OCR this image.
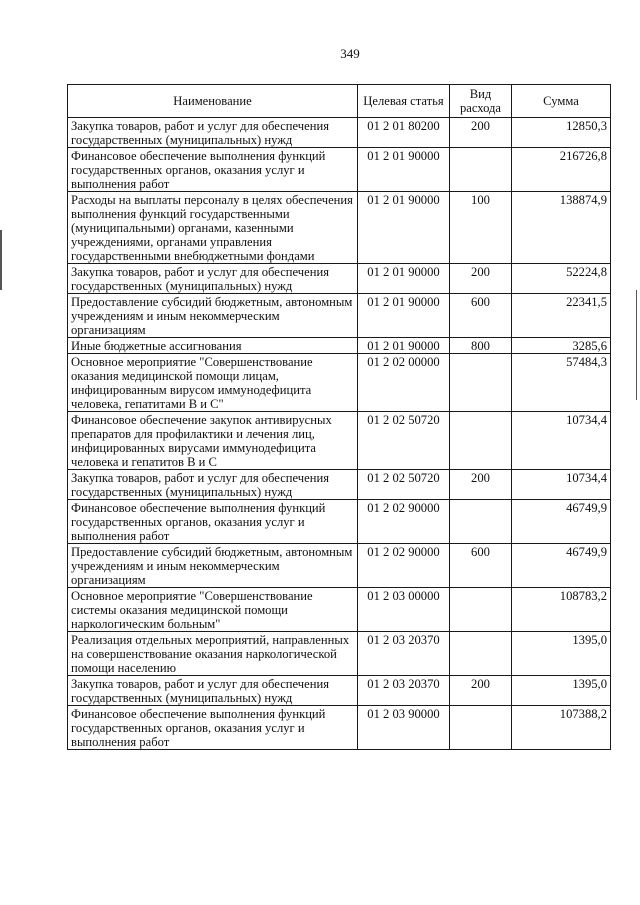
349
Наименование	Целевая статья	Вид расхода	Сумма
Закупка товаров, работ и услуг для обеспечения государственных (муниципальных) нужд	01 2 01 80200	200	12850,3
Финансовое обеспечение выполнения функций государственных органов, оказания услуг и выполнения работ	01 2 01 90000		216726,8
Расходы на выплаты персоналу в целях обеспечения выполнения функций государственными (муниципальными) органами, казенными учреждениями, органами управления государственными внебюджетными фондами	01 2 01 90000	100	138874,9
Закупка товаров, работ и услуг для обеспечения государственных (муниципальных) нужд	01 2 01 90000	200	52224,8
Предоставление субсидий бюджетным, автономным учреждениям и иным некоммерческим организациям	01 2 01 90000	600	22341,5
Иные бюджетные ассигнования	01 2 01 90000	800	3285,6
Основное мероприятие "Совершенствование оказания медицинской помощи лицам, инфицированным вирусом иммунодефицита человека, гепатитами B и C"	01 2 02 00000		57484,3
Финансовое обеспечение закупок антивирусных препаратов для профилактики и лечения лиц, инфицированных вирусами иммунодефицита человека и гепатитов B и C	01 2 02 50720		10734,4
Закупка товаров, работ и услуг для обеспечения государственных (муниципальных) нужд	01 2 02 50720	200	10734,4
Финансовое обеспечение выполнения функций государственных органов, оказания услуг и выполнения работ	01 2 02 90000		46749,9
Предоставление субсидий бюджетным, автономным учреждениям и иным некоммерческим организациям	01 2 02 90000	600	46749,9
Основное мероприятие "Совершенствование системы оказания медицинской помощи наркологическим больным"	01 2 03 00000		108783,2
Реализация отдельных мероприятий, направленных на совершенствование оказания наркологической помощи населению	01 2 03 20370		1395,0
Закупка товаров, работ и услуг для обеспечения государственных (муниципальных) нужд	01 2 03 20370	200	1395,0
Финансовое обеспечение выполнения функций государственных органов, оказания услуг и выполнения работ	01 2 03 90000		107388,2
